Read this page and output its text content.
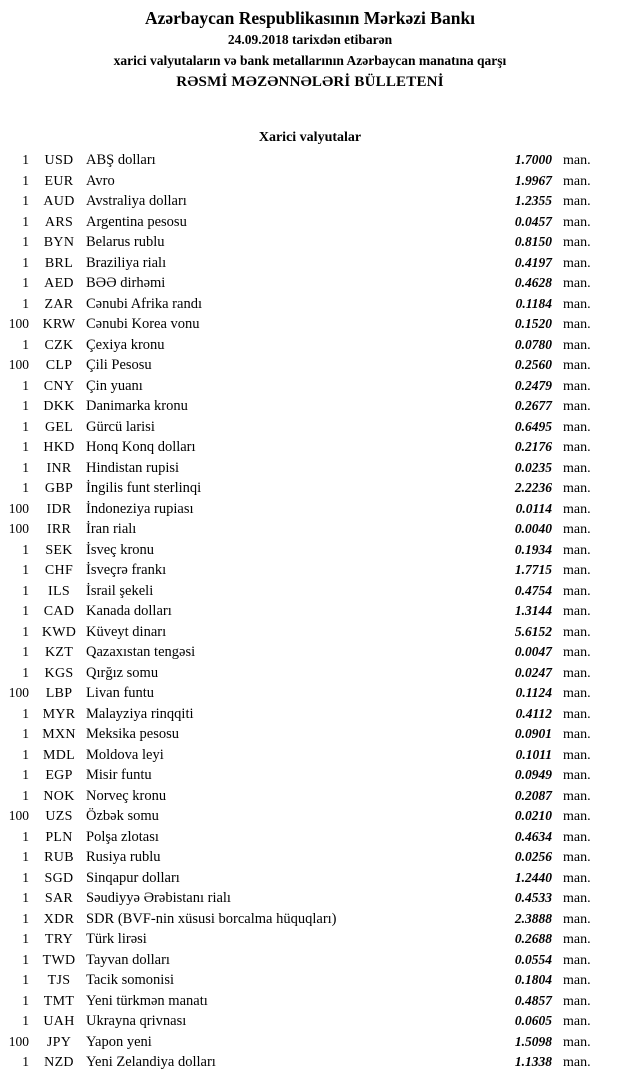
Azərbaycan Respublikasının Mərkəzi Bankı
24.09.2018 tarixdən etibarən
xarici valyutaların və bank metallarının Azərbaycan manatına qarşı
RƏSMİ MƏZƏNNƏLƏRİ BÜLLETENİ
Xarici valyutalar
1	USD ABŞ dolları	1.7000 man.
1	EUR Avro	1.9967 man.
1	AUD Avstraliya dolları	1.2355 man.
1	ARS Argentina pesosu	0.0457 man.
1	BYN Belarus rublu	0.8150 man.
1	BRL Braziliya rialı	0.4197 man.
1	AED BƏƏ dirhəmi	0.4628 man.
1	ZAR Cənubi Afrika randı	0.1184 man.
100 KRW Cənubi Korea vonu	0.1520 man.
1	CZK Çexiya kronu	0.0780 man.
100	CLP Çili Pesosu	0.2560 man.
1	CNY Çin yuanı	0.2479 man.
1	DKK Danimarka kronu	0.2677 man.
1	GEL Gürcü larisi	0.6495 man.
1	HKD Honq Konq dolları	0.2176 man.
1	INR	Hindistan rupisi	0.0235 man.
1	GBP İngilis funt sterlinqi	2.2236 man.
100	IDR	İndoneziya rupiası	0.0114 man.
100	IRR	İran rialı	0.0040 man.
1	SEK İsveç kronu	0.1934 man.
1	CHF İsveçrə frankı	1.7715 man.
1	ILS	İsrail şekeli	0.4754 man.
1	CAD Kanada dolları	1.3144 man.
1 KWD Küveyt dinarı	5.6152 man.
1	KZT Qazaxıstan tengəsi	0.0047 man.
1	KGS Qırğız somu	0.0247 man.
100	LBP Livan funtu	0.1124 man.
1 MYR Malayziya rinqqiti	0.4112 man.
1 MXN Meksika pesosu	0.0901 man.
1 MDL Moldova leyi	0.1011 man.
1	EGP Misir funtu	0.0949 man.
1	NOK Norveç kronu	0.2087 man.
100	UZS Özbək somu	0.0210 man.
1	PLN Polşa zlotası	0.4634 man.
1	RUB Rusiya rublu	0.0256 man.
1	SGD Sinqapur dolları	1.2440 man.
1	SAR Səudiyyə Ərəbistanı rialı	0.4533 man.
1	XDR SDR (BVF-nin xüsusi borcalma hüquqları)	2.3888 man.
1	TRY Türk lirəsi	0.2688 man.
1 TWD Tayvan dolları	0.0554 man.
1	TJS	Tacik somonisi	0.1804 man.
1	TMT Yeni türkmən manatı	0.4857 man.
1	UAH Ukrayna qrivnası	0.0605 man.
100	JPY	Yapon yeni	1.5098 man.
1	NZD Yeni Zelandiya dolları	1.1338 man.
